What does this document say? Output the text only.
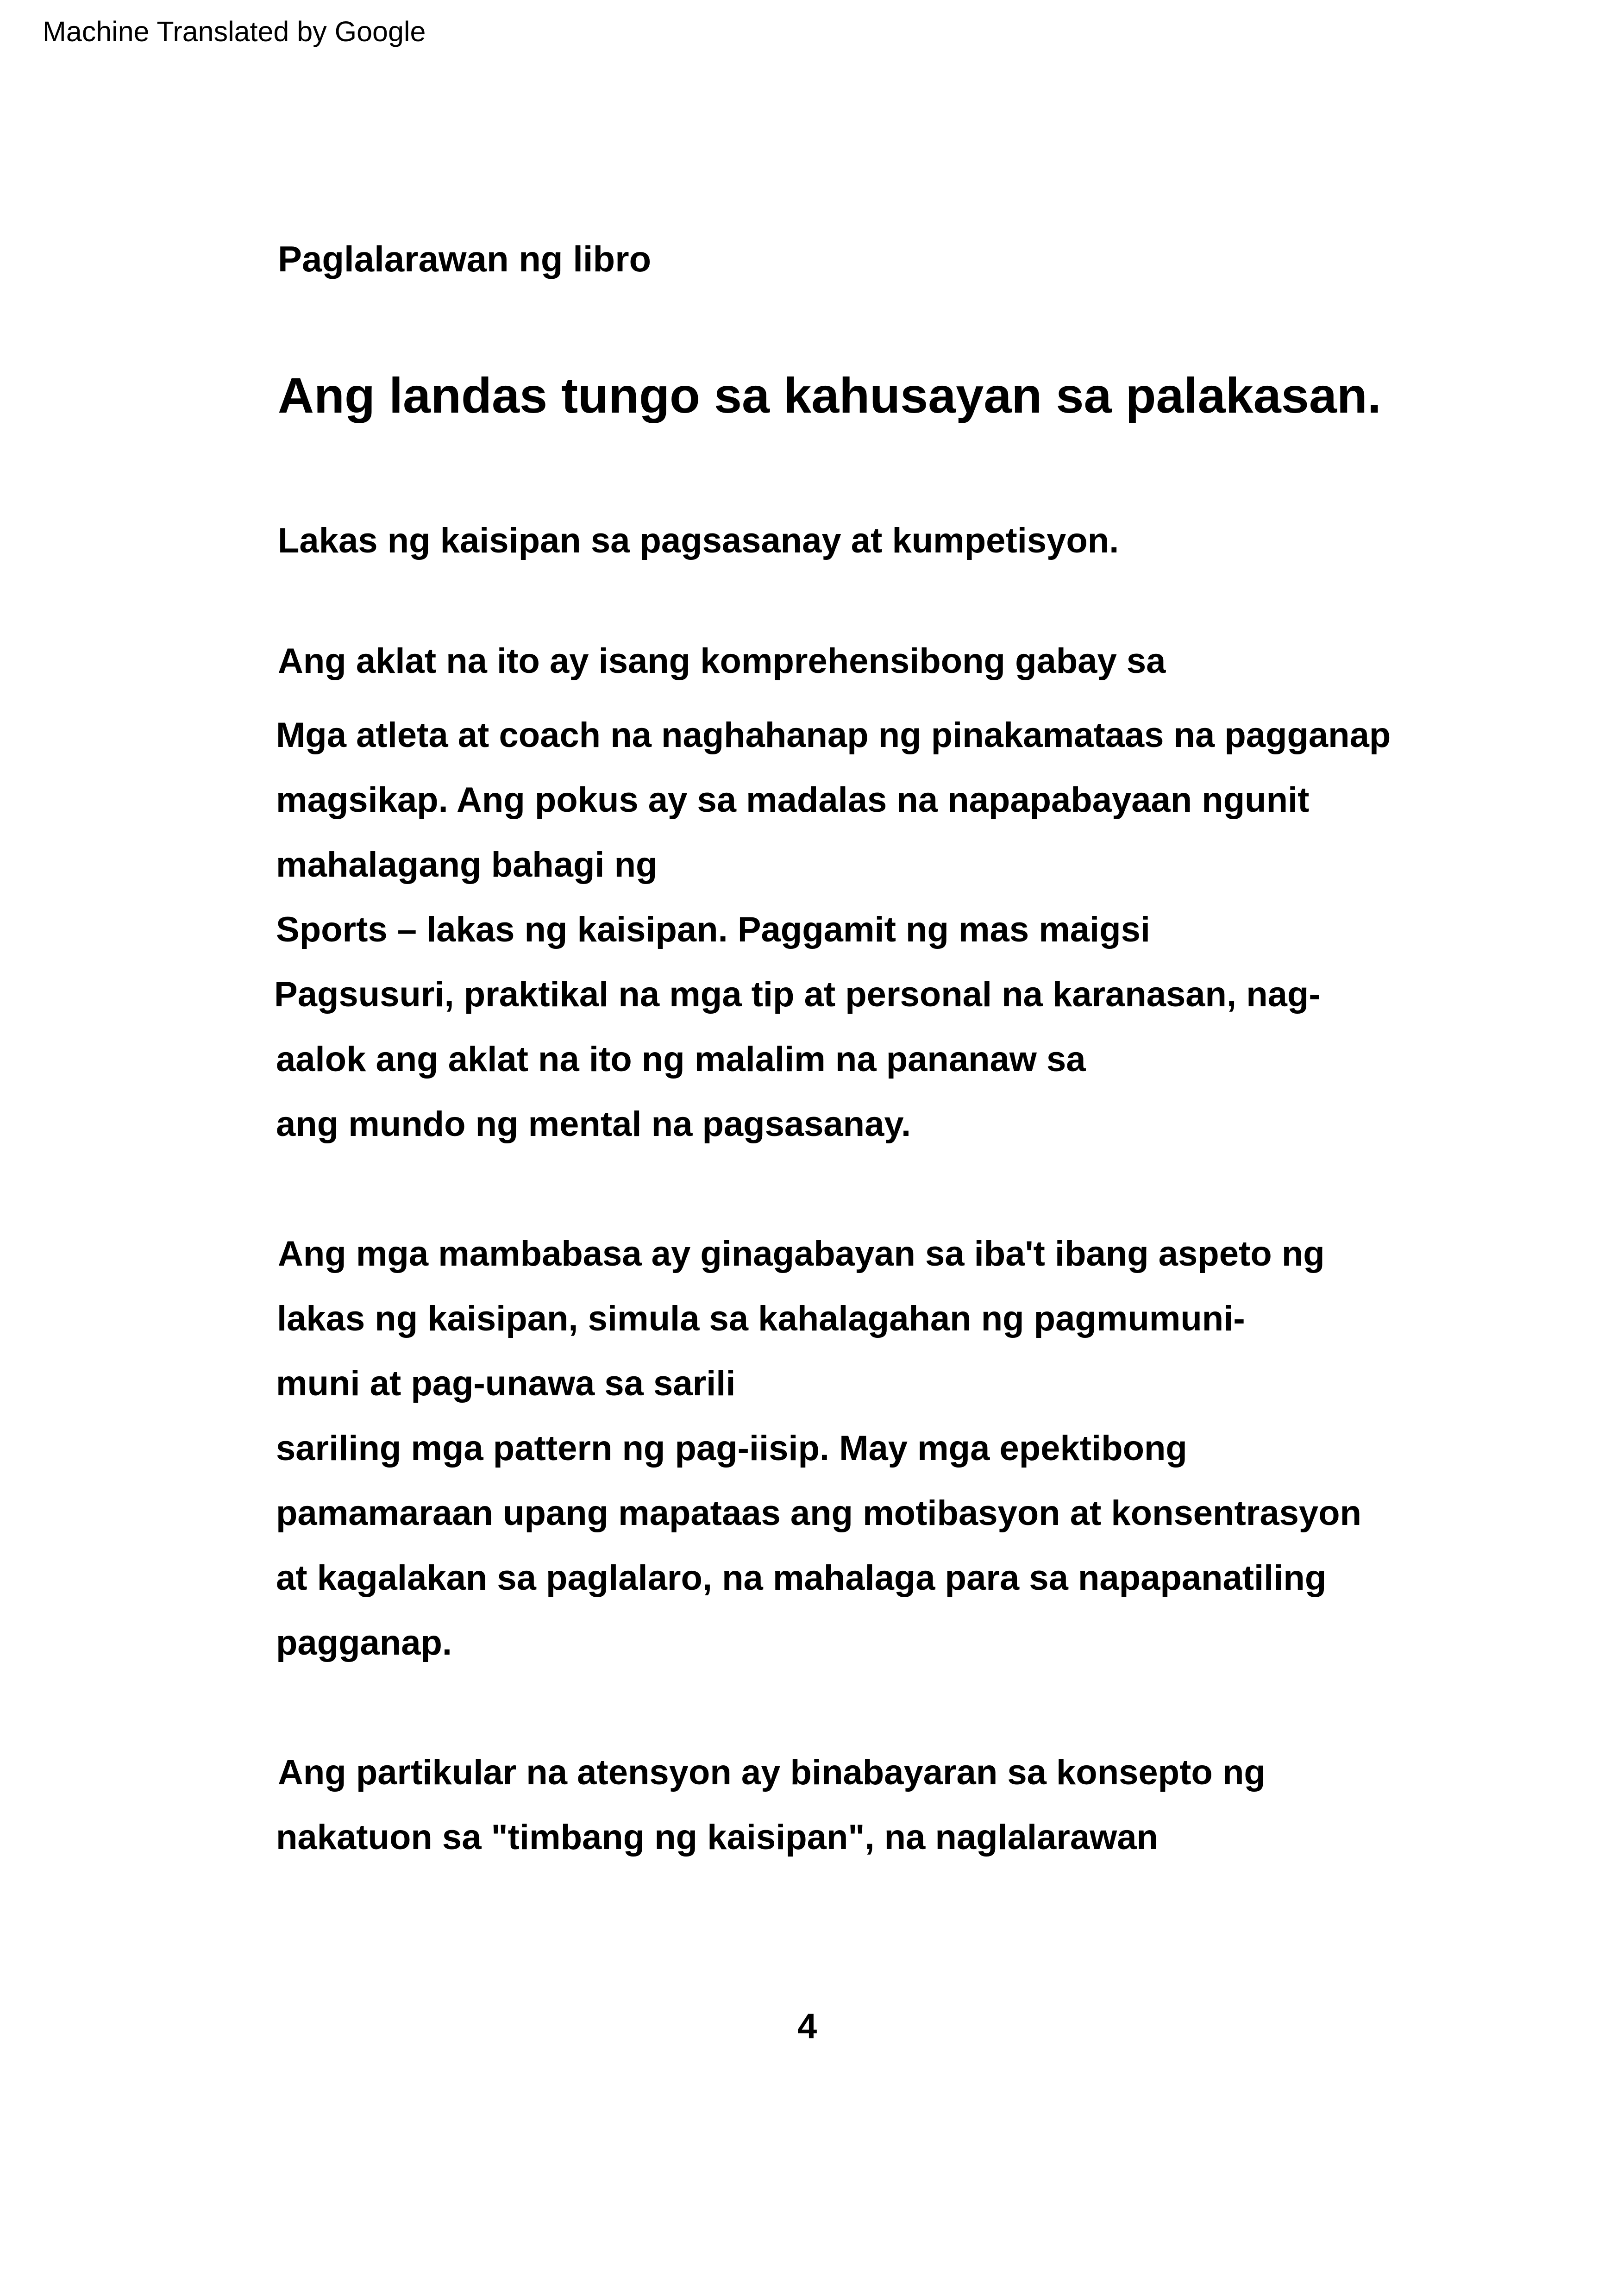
Machine Translated by Google

Paglalarawan ng libro

Ang landas tungo sa kahusayan sa palakasan.

Lakas ng kaisipan sa pagsasanay at kumpetisyon.

Ang aklat na ito ay isang komprehensibong gabay sa

Mga atleta at coach na naghahanap ng pinakamataas na pagganap

magsikap. Ang pokus ay sa madalas na napapabayaan ngunit

mahalagang bahagi ng

Sports – lakas ng kaisipan. Paggamit ng mas maigsi

Pagsusuri, praktikal na mga tip at personal na karanasan, nag-

aalok ang aklat na ito ng malalim na pananaw sa

ang mundo ng mental na pagsasanay.

Ang mga mambabasa ay ginagabayan sa iba't ibang aspeto ng

lakas ng kaisipan, simula sa kahalagahan ng pagmumuni-

muni at pag-unawa sa sarili

sariling mga pattern ng pag-iisip. May mga epektibong

pamamaraan upang mapataas ang motibasyon at konsentrasyon

at kagalakan sa paglalaro, na mahalaga para sa napapanatiling

pagganap.

Ang partikular na atensyon ay binabayaran sa konsepto ng

nakatuon sa "timbang ng kaisipan", na naglalarawan

4
